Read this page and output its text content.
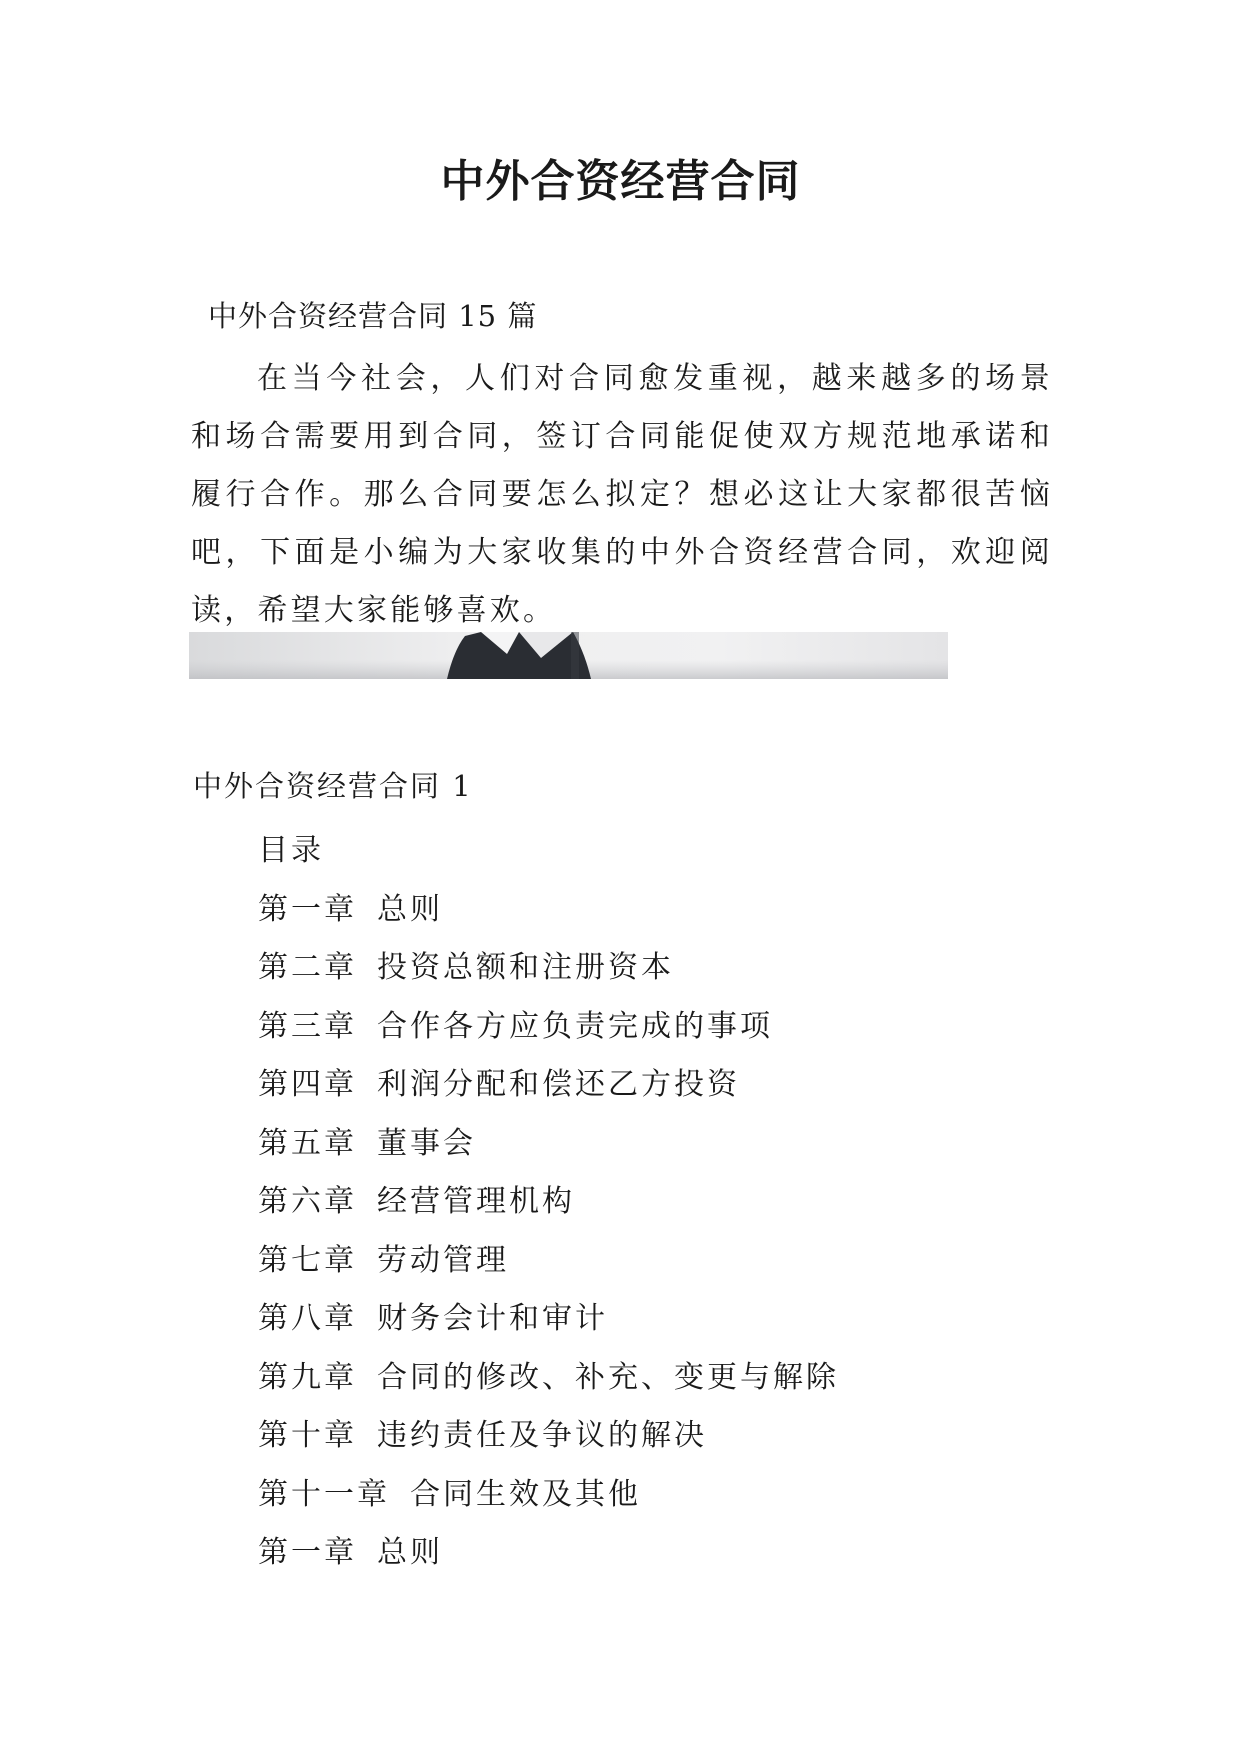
中外合资经营合同

中外合资经营合同 15 篇

在当今社会，人们对合同愈发重视，越来越多的场景和场合需要用到合同，签订合同能促使双方规范地承诺和履行合作。那么合同要怎么拟定？想必这让大家都很苦恼吧，下面是小编为大家收集的中外合资经营合同，欢迎阅读，希望大家能够喜欢。

中外合资经营合同 1

目录
第一章 总则
第二章 投资总额和注册资本
第三章 合作各方应负责完成的事项
第四章 利润分配和偿还乙方投资
第五章 董事会
第六章 经营管理机构
第七章 劳动管理
第八章 财务会计和审计
第九章 合同的修改、补充、变更与解除
第十章 违约责任及争议的解决
第十一章 合同生效及其他
第一章 总则
